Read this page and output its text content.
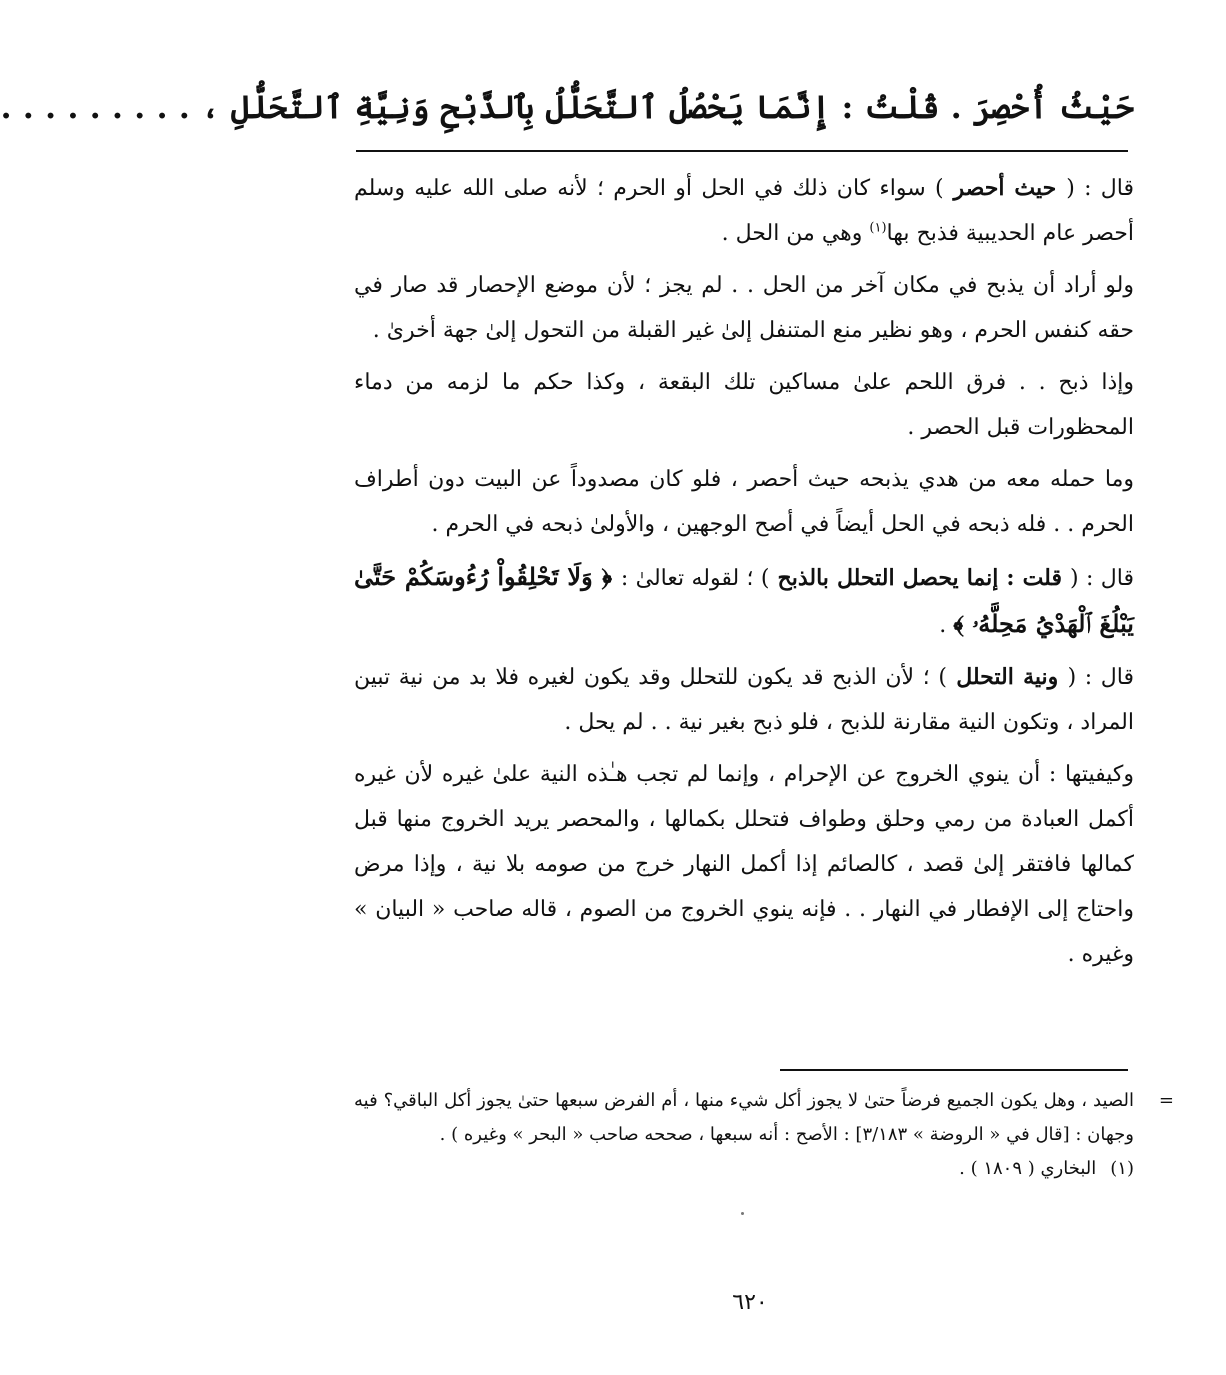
حَيْثُ أُحْصِرَ . قُلْتُ : إِنَّمَا يَحْصُلُ ٱلتَّحَلُّلُ بِٱلذَّبْحِ وَنِيَّةِ ٱلتَّحَلُّلِ ، . . . . . . . . .

قال : ( حيث أحصر ) سواء كان ذلك في الحل أو الحرم ؛ لأنه صلى الله عليه وسلم أحصر عام الحديبية فذبح بها$^{(١)}$ وهي من الحل .

ولو أراد أن يذبح في مكان آخر من الحل . . لم يجز ؛ لأن موضع الإحصار قد صار في حقه كنفس الحرم ، وهو نظير منع المتنفل إلىٰ غير القبلة من التحول إلىٰ جهة أخرىٰ .

وإذا ذبح . . فرق اللحم علىٰ مساكين تلك البقعة ، وكذا حكم ما لزمه من دماء المحظورات قبل الحصر .

وما حمله معه من هدي يذبحه حيث أحصر ، فلو كان مصدوداً عن البيت دون أطراف الحرم . . فله ذبحه في الحل أيضاً في أصح الوجهين ، والأولىٰ ذبحه في الحرم .

قال : ( قلت : إنما يحصل التحلل بالذبح ) ؛ لقوله تعالىٰ : ﴿ وَلَا تَحْلِقُواْ رُءُوسَكُمْ حَتَّىٰ يَبْلُغَ ٱلْهَدْيُ مَحِلَّهُۥ ﴾ .

قال : ( ونية التحلل ) ؛ لأن الذبح قد يكون للتحلل وقد يكون لغيره فلا بد من نية تبين المراد ، وتكون النية مقارنة للذبح ، فلو ذبح بغير نية . . لم يحل .

وكيفيتها : أن ينوي الخروج عن الإحرام ، وإنما لم تجب هـٰذه النية علىٰ غيره لأن غيره أكمل العبادة من رمي وحلق وطواف فتحلل بكمالها ، والمحصر يريد الخروج منها قبل كمالها فافتقر إلىٰ قصد ، كالصائم إذا أكمل النهار خرج من صومه بلا نية ، وإذا مرض واحتاج إلى الإفطار في النهار . . فإنه ينوي الخروج من الصوم ، قاله صاحب « البيان » وغيره .

=
الصيد ، وهل يكون الجميع فرضاً حتىٰ لا يجوز أكل شيء منها ، أم الفرض سبعها حتىٰ يجوز أكل الباقي؟ فيه وجهان : [قال في « الروضة » ٣/١٨٣] : الأصح : أنه سبعها ، صححه صاحب « البحر » وغيره ) .

(١)البخاري ( ١٨٠٩ ) .

٦٢٠
